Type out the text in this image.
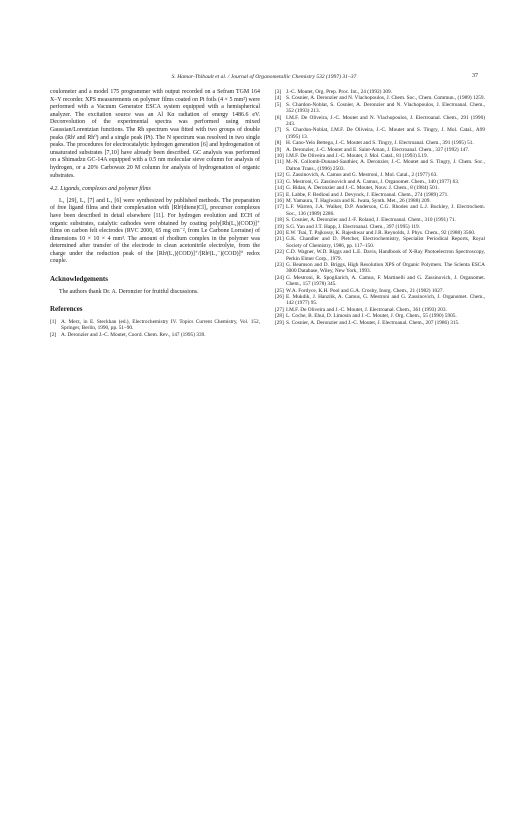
S. Hamar-Thibault et al. / Journal of Organometallic Chemistry 532 (1997) 31–37	37

coulometer and a model 175 programmer with output recorded on a Sefram TGM 164 X–Y recorder. XPS measurements on polymer films coated on Pt foils (4 × 5 mm²) were performed with a Vacuum Generator ESCA system equipped with a hemispherical analyzer. The excitation source was an Al Kα radiation of energy 1486.6 eV. Deconvolution of the experimental spectra was performed using mixed Gaussian/Lorentzian functions. The Rh spectrum was fitted with two groups of double peaks (Rhᴵ and Rh⁰) and a single peak (Pt). The N spectrum was resolved in two single peaks. The procedures for electrocatalytic hydrogen generation [6] and hydrogenation of unsaturated substrates [7,10] have already been described. GC analysis was performed on a Shimadzu GC-14A equipped with a 0.5 nm molecular sieve column for analysis of hydrogen, or a 20% Carbowax 20 M column for analysis of hydrogenation of organic substrates.

4.2. Ligands, complexes and polymer films

L₁ [29], L₂ [7] and L₃ [6] were synthesized by published methods. The preparation of free ligand films and their complexation with [Rhᴵ(diene)Cl]₂ precursor complexes have been described in detail elsewhere [11]. For hydrogen evolution and ECH of organic substrates, catalytic cathodes were obtained by coating poly[Rh(L₁)(COD)]⁺ films on carbon felt electrodes (RVC 2000, 65 mg cm⁻², from Le Carbone Lorraine) of dimensions 10 × 10 × 4 mm³. The amount of rhodium complex in the polymer was determined after transfer of the electrode to clean acetonitrile electrolyte, from the charge under the reduction peak of the [Rhᴵ(L₁)(COD)]⁺/[Rhᴵ(L₁⁻)(COD)]⁰ redox couple.

Acknowledgements

The authors thank Dr. A. Deronzier for fruitful discussions.

References
[1] A. Merz, in E. Steckhan (ed.), Electrochemistry IV. Topics Current Chemistry, Vol. 152, Springer, Berlin, 1990, pp. 51–90.
[2] A. Deronzier and J.-C. Moutet, Coord. Chem. Rev., 147 (1995) 339.
[3] J.-C. Moutet, Org. Prep. Proc. Int., 24 (1992) 309.
[4] S. Cosnier, A. Deronzier and N. Vlachopoulos, J. Chem. Soc., Chem. Commun., (1989) 1259.
[5] S. Chardon-Noblat, S. Cosnier, A. Deronzier and N. Vlachopoulos, J. Electroanal. Chem., 352 (1993) 213.
[6] I.M.F. De Oliveira, J.-C. Moutet and N. Vlachopoulos, J. Electroanal. Chem., 291 (1990) 243.
[7] S. Chardon-Noblat, I.M.F. De Oliveira, J.-C. Moutet and S. Tingry, J. Mol. Catal., A99 (1995) 13.
[8] H. Cano-Yelo Bettega, J.-C. Moutet and S. Tingry, J. Electroanal. Chem., 391 (1995) 51.
[9] A. Deronzier, J.-C. Moutet and E. Saint-Aman, J. Electroanal. Chem., 327 (1992) 147.
[10] I.M.F. De Oliveira and J.-C. Moutet, J. Mol. Catal., 81 (1993) L19.
[11] M.-N. Collomb-Dunand-Sauthier, A. Deronzier, J.-C. Moutet and S. Tingry, J. Chem. Soc., Dalton Trans., (1996) 2503.
[12] G. Zassinovich, A. Camus and G. Mestroni, J. Mol. Catal., 2 (1977) 63.
[13] G. Mestroni, G. Zassinovich and A. Camus, J. Organomet. Chem., 140 (1977) 63.
[14] G. Bidan, A. Deronzier and J.-C. Moutet, Nouv. J. Chem., 8 (1984) 501.
[15] E. Labbe, F. Bedioui and J. Devynck, J. Electroanal. Chem., 274 (1989) 271.
[16] M. Yamaura, T. Hagiwara and K. Iwata, Synth. Met., 26 (1988) 209.
[17] L.F. Warren, J.A. Walker, D.P. Anderson, C.G. Rhodes and L.J. Buckley, J. Electrochem. Soc., 136 (1989) 2286.
[18] S. Cosnier, A. Deronzier and J.-F. Roland, J. Electroanal. Chem., 310 (1991) 71.
[19] S.G. Yan and J.T. Happ, J. Electroanal. Chem., 397 (1995) 119.
[20] E.W. Tsai, T. Pajkossy, K. Rajeshwar and J.R. Reynolds, J. Phys. Chem., 92 (1988) 3560.
[21] G.K. Chandler and D. Pletcher, Electrochemistry, Specialist Periodical Reports, Royal Society of Chemistry, 1986, pp. 117–150.
[22] C.D. Wagner, W.D. Riggs and L.E. Davis, Handbook of X-Ray Photoelectron Spectroscopy, Perkin Elmer Corp., 1979.
[23] G. Beamson and D. Briggs, High Resolution XPS of Organic Polymers. The Scienta ESCA 3000 Database, Wiley, New York, 1993.
[24] G. Mestroni, R. Spogliarich, A. Camus, F. Martinelli and G. Zassinovich, J. Organomet. Chem., 157 (1978) 345.
[25] W.A. Fordyce, K.H. Pool and G.A. Crosby, Inorg. Chem., 21 (1982) 1027.
[26] E. Mukdik, J. Hanzlik, A. Camus, G. Mestroni and G. Zassinovich, J. Organomet. Chem., 142 (1977) 95.
[27] I.M.F. De Oliveira and J.-C. Moutet, J. Electroanal. Chem., 361 (1993) 203.
[28] L. Coche, B. Ehui, D. Limosin and J.-C. Moutet, J. Org. Chem., 55 (1990) 5905.
[29] S. Cosnier, A. Deronzier and J.-C. Moutet, J. Electroanal. Chem., 207 (1986) 315.
